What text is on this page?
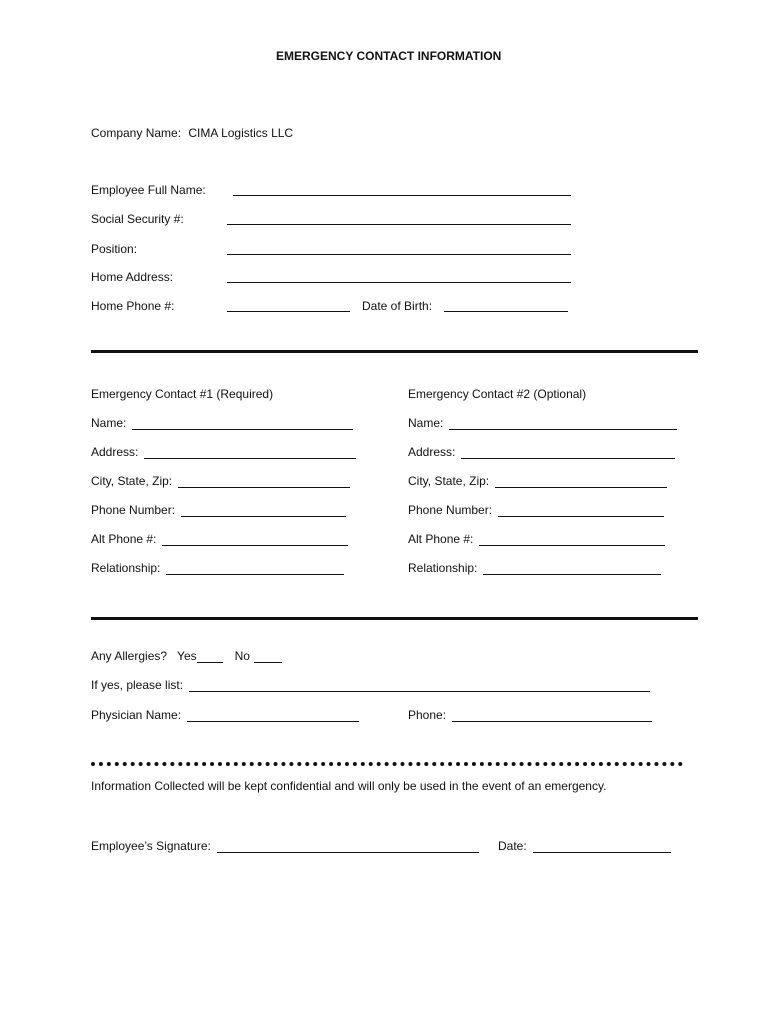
EMERGENCY CONTACT INFORMATION
Company Name: CIMA Logistics LLC
Employee Full Name:
Social Security #:
Position:
Home Address:
Home Phone #:	Date of Birth:
Emergency Contact #1 (Required)
Name:
Address:
City, State, Zip:
Phone Number:
Alt Phone #:
Relationship:
Emergency Contact #2 (Optional)
Name:
Address:
City, State, Zip:
Phone Number:
Alt Phone #:
Relationship:
Any Allergies? Yes	No
If yes, please list:
Physician Name:	Phone:
Information Collected will be kept confidential and will only be used in the event of an emergency.
Employee’s Signature:	Date:
